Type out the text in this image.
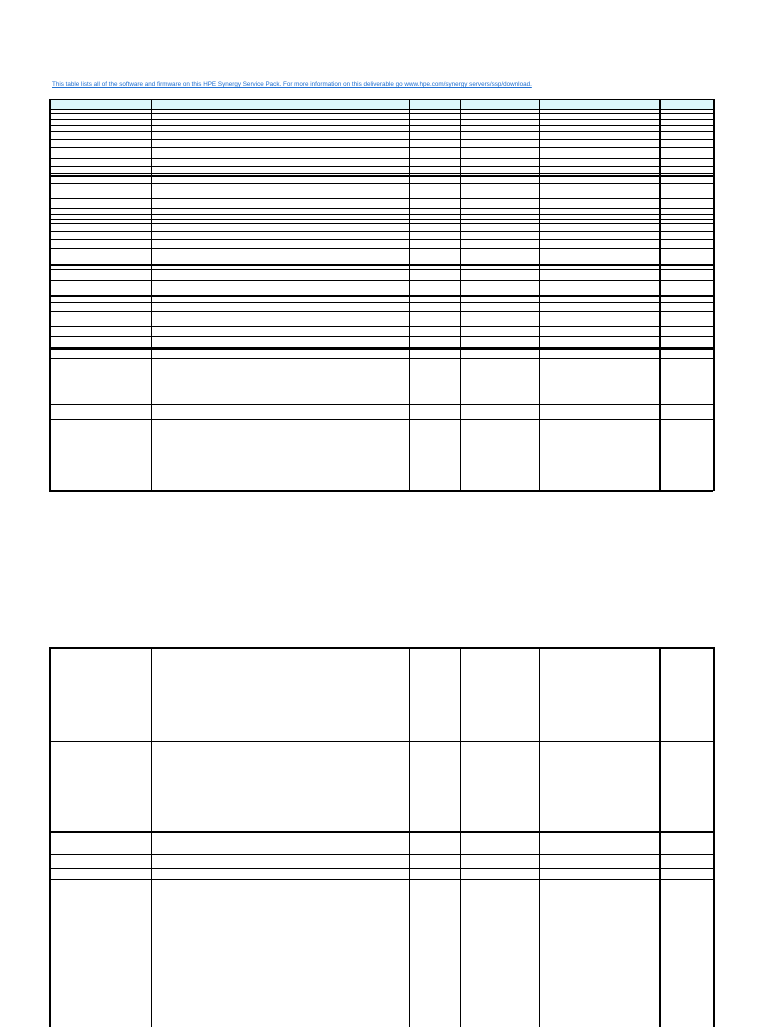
This table lists all of the software and firmware on this HPE Synergy Service Pack. For more information on this deliverable go www.hpe.com/synergy servers/ssp/download.
